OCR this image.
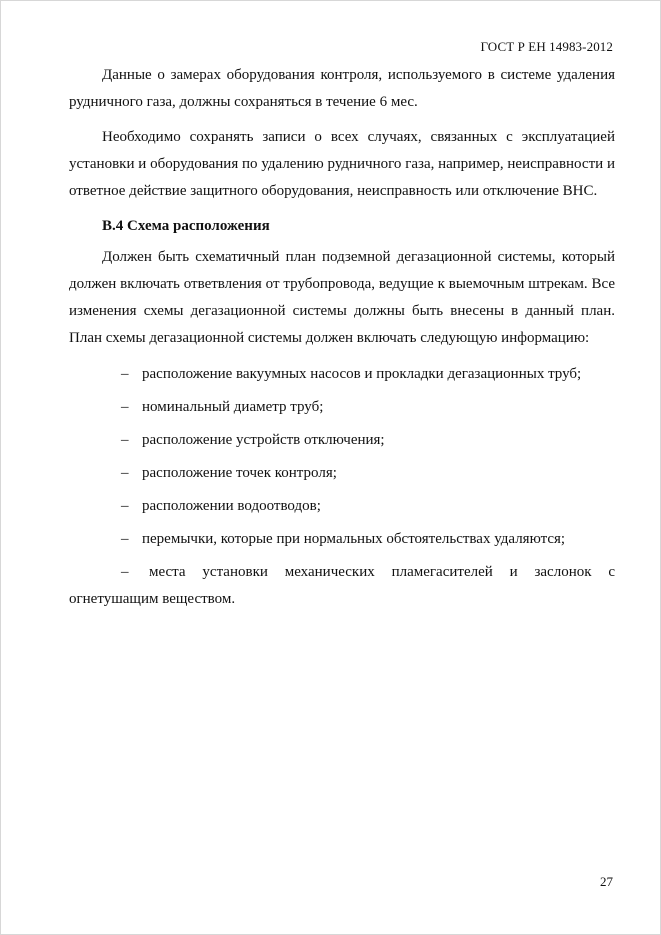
ГОСТ Р ЕН 14983-2012

Данные о замерах оборудования контроля, используемого в системе удаления рудничного газа, должны сохраняться в течение 6 мес.

Необходимо сохранять записи о всех случаях, связанных с эксплуатацией установки и оборудования по удалению рудничного газа, например, неисправности и ответное действие защитного оборудования, неисправность или отключение ВНС.

В.4 Схема расположения

Должен быть схематичный план подземной дегазационной системы, который должен включать ответвления от трубопровода, ведущие к выемочным штрекам. Все изменения схемы дегазационной системы должны быть внесены в данный план. План схемы дегазационной системы должен включать следующую информацию:

– расположение вакуумных насосов и прокладки дегазационных труб;
– номинальный диаметр труб;
– расположение устройств отключения;
– расположение точек контроля;
– расположении водоотводов;
– перемычки, которые при нормальных обстоятельствах удаляются;
– места установки механических пламегасителей и заслонок с огнетушащим веществом.
27
